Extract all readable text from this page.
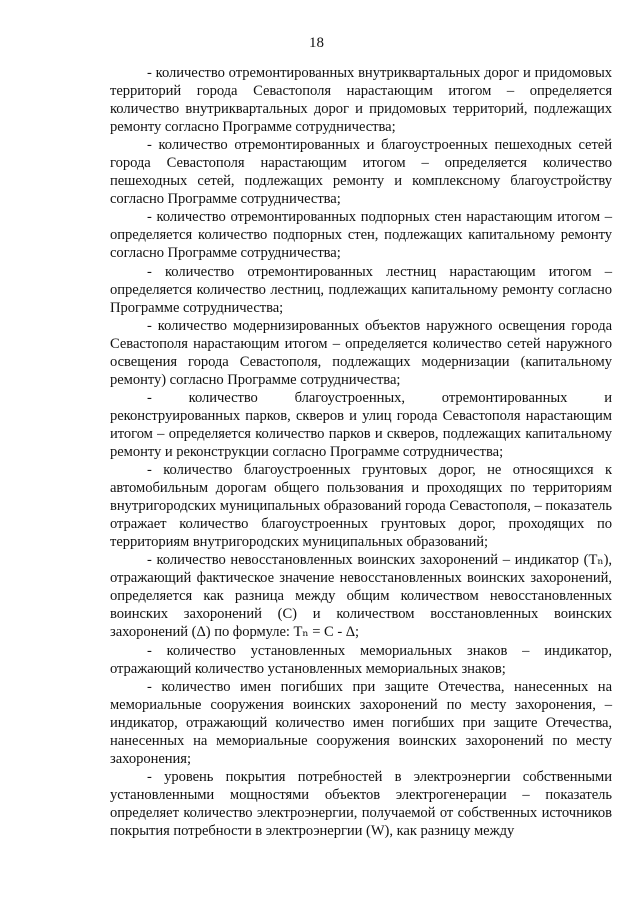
18

- количество отремонтированных внутриквартальных дорог и придомовых территорий города Севастополя нарастающим итогом – определяется количество внутриквартальных дорог и придомовых территорий, подлежащих ремонту согласно Программе сотрудничества;

- количество отремонтированных и благоустроенных пешеходных сетей города Севастополя нарастающим итогом – определяется количество пешеходных сетей, подлежащих ремонту и комплексному благоустройству согласно Программе сотрудничества;

- количество отремонтированных подпорных стен нарастающим итогом – определяется количество подпорных стен, подлежащих капитальному ремонту согласно Программе сотрудничества;

- количество отремонтированных лестниц нарастающим итогом – определяется количество лестниц, подлежащих капитальному ремонту согласно Программе сотрудничества;

- количество модернизированных объектов наружного освещения города Севастополя нарастающим итогом – определяется количество сетей наружного освещения города Севастополя, подлежащих модернизации (капитальному ремонту) согласно Программе сотрудничества;

- количество благоустроенных, отремонтированных и реконструированных парков, скверов и улиц города Севастополя нарастающим итогом – определяется количество парков и скверов, подлежащих капитальному ремонту и реконструкции согласно Программе сотрудничества;

- количество благоустроенных грунтовых дорог, не относящихся к автомобильным дорогам общего пользования и проходящих по территориям внутригородских муниципальных образований города Севастополя, – показатель отражает количество благоустроенных грунтовых дорог, проходящих по территориям внутригородских муниципальных образований;

- количество невосстановленных воинских захоронений – индикатор (Tₙ), отражающий фактическое значение невосстановленных воинских захоронений, определяется как разница между общим количеством невосстановленных воинских захоронений (С) и количеством восстановленных воинских захоронений (Δ) по формуле: Tₙ = С - Δ;

- количество установленных мемориальных знаков – индикатор, отражающий количество установленных мемориальных знаков;

- количество имен погибших при защите Отечества, нанесенных на мемориальные сооружения воинских захоронений по месту захоронения, – индикатор, отражающий количество имен погибших при защите Отечества, нанесенных на мемориальные сооружения воинских захоронений по месту захоронения;

- уровень покрытия потребностей в электроэнергии собственными установленными мощностями объектов электрогенерации – показатель определяет количество электроэнергии, получаемой от собственных источников покрытия потребности в электроэнергии (W), как разницу между
